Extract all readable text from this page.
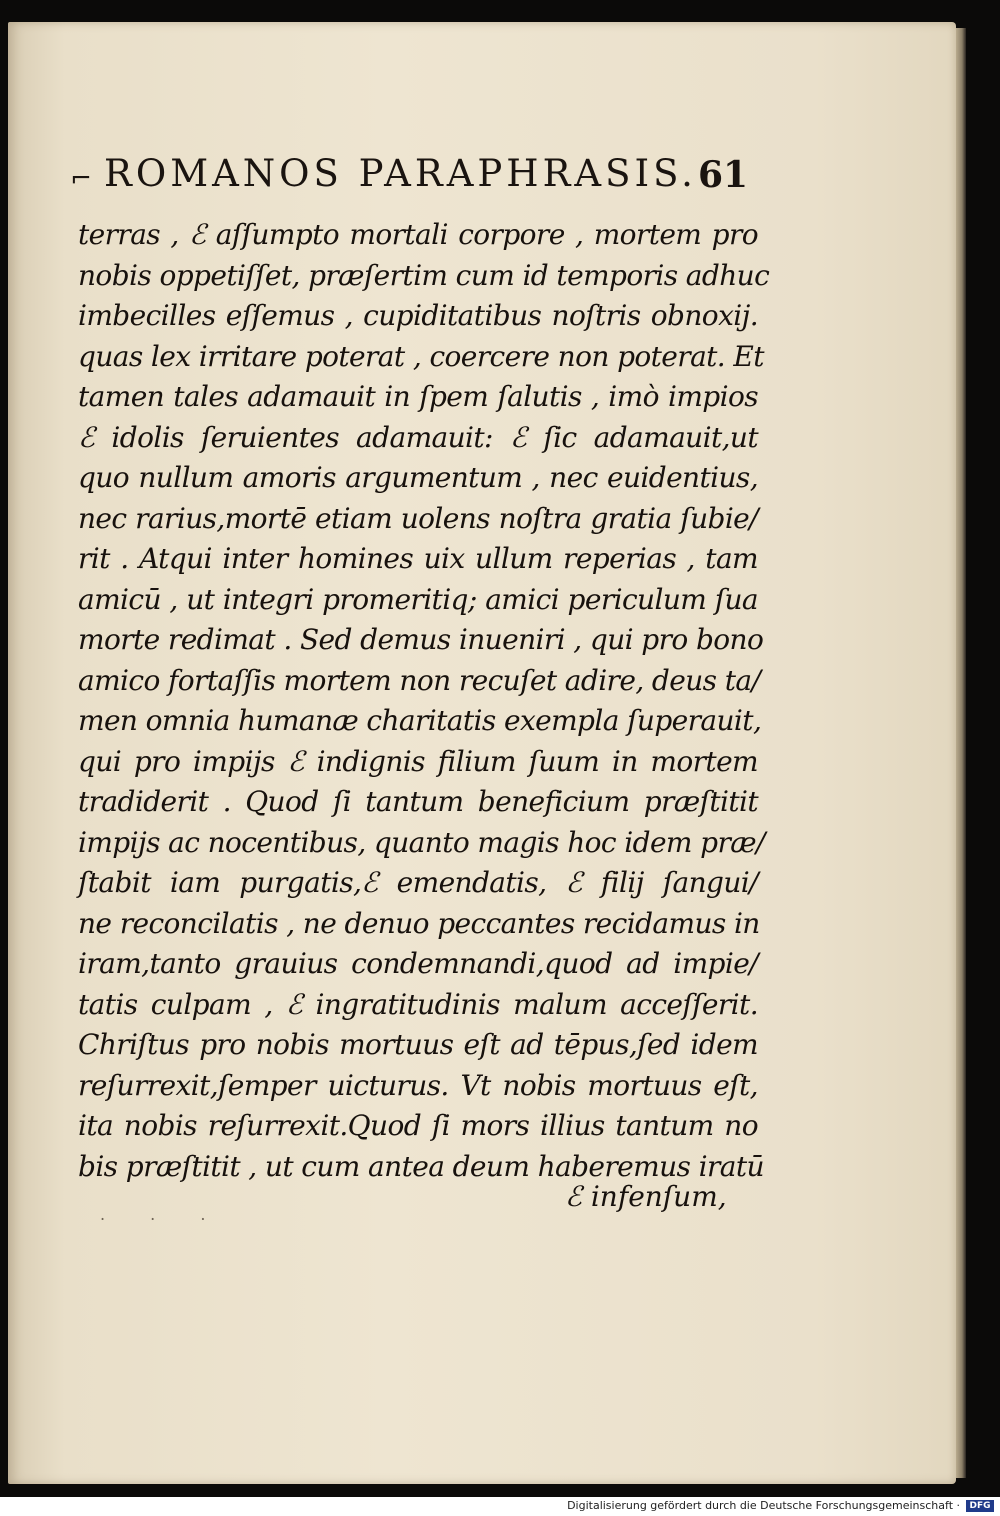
⌐ ROMANOS PARAPHRASIS. 61
terras , ℰ aſſumpto mortali corpore , mortem pro
nobis oppetiſſet, præſertim cum id temporis adhuc
imbecilles eſſemus , cupiditatibus noſtris obnoxij.
quas lex irritare poterat , coercere non poterat. Et
tamen tales adamauit in ſpem ſalutis , imò impios
ℰ idolis ſeruientes adamauit: ℰ ſic adamauit,ut
quo nullum amoris argumentum , nec euidentius,
nec rarius,mortē etiam uolens noſtra gratia ſubie/
rit . Atqui inter homines uix ullum reperias , tam
amicū , ut integri promeritiq; amici periculum ſua
morte redimat . Sed demus inueniri , qui pro bono
amico fortaſſis mortem non recuſet adire, deus ta/
men omnia humanæ charitatis exempla ſuperauit,
qui pro impijs ℰ indignis filium ſuum in mortem
tradiderit . Quod ſi tantum beneficium præſtitit
impijs ac nocentibus, quanto magis hoc idem præ/
ſtabit iam purgatis,ℰ emendatis, ℰ filij ſangui/
ne reconcilatis , ne denuo peccantes recidamus in
iram,tanto grauius condemnandi,quod ad impie/
tatis culpam , ℰ ingratitudinis malum acceſſerit.
Chriſtus pro nobis mortuus eſt ad tēpus,ſed idem
reſurrexit,ſemper uicturus. Vt nobis mortuus eſt,
ita nobis reſurrexit.Quod ſi mors illius tantum no
bis præſtitit , ut cum antea deum haberemus iratū
ℰ infenſum,
. . .
Digitalisierung gefördert durch die Deutsche Forschungsgemeinschaft ·	DFG
